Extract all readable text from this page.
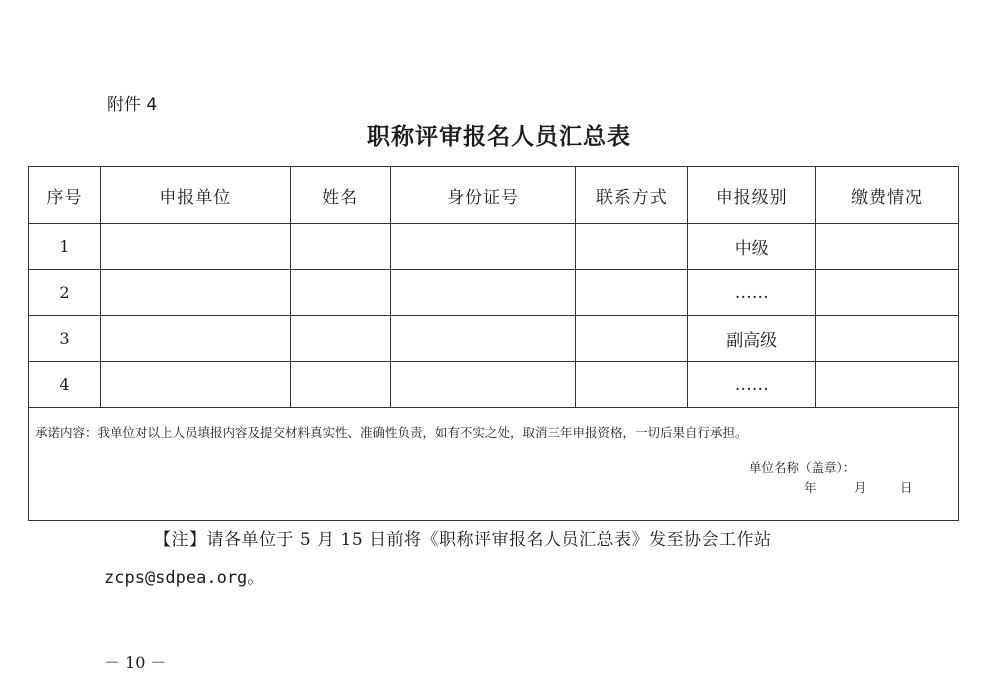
附件 4
职称评审报名人员汇总表
序号	申报单位	姓名	身份证号	联系方式	申报级别	缴费情况
1					中级	
2					……	
3					副高级	
4					……	

承诺内容：我单位对以上人员填报内容及提交材料真实性、准确性负责，如有不实之处，取消三年申报资格，一切后果自行承担。
单位名称（盖章）：
年 月 日						
【注】请各单位于 5 月 15 日前将《职称评审报名人员汇总表》发至协会工作站
zcps@sdpea.org。
－ 10 －
